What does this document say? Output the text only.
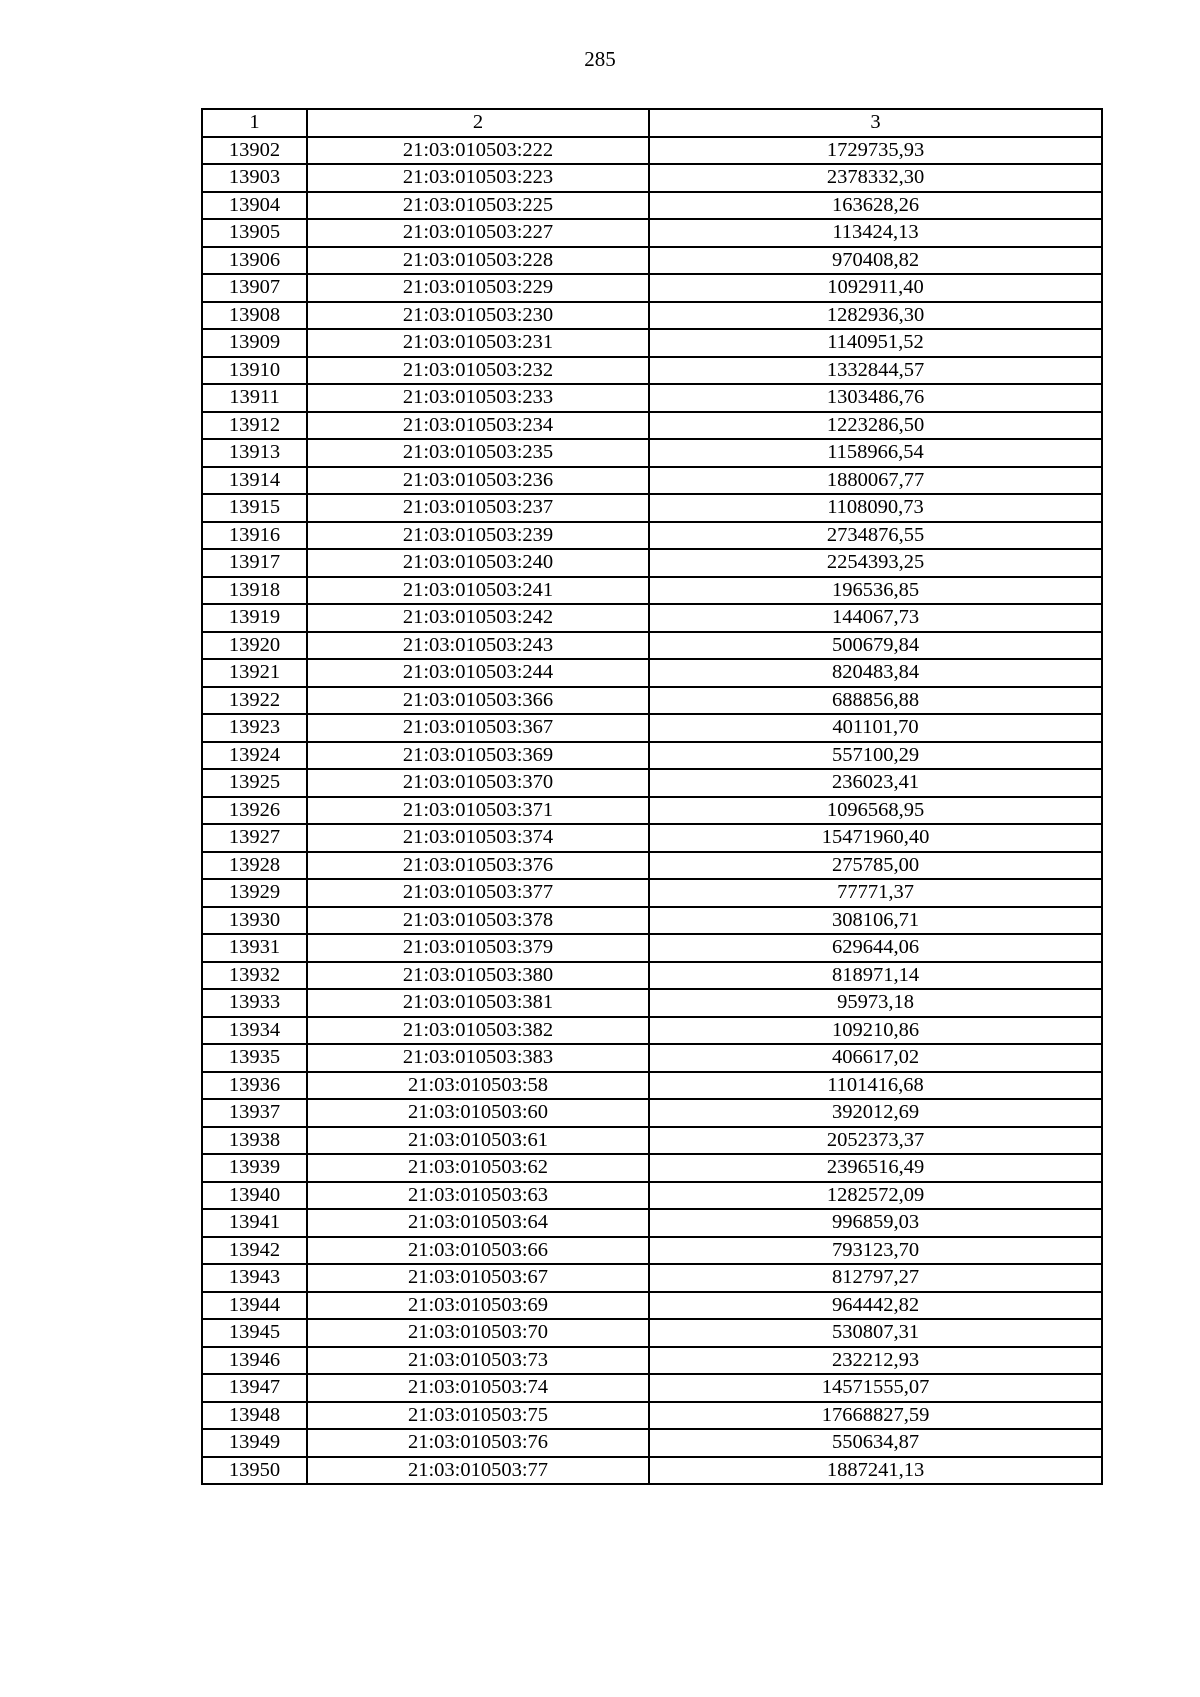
285
1	2	3
13902	21:03:010503:222	1729735,93
13903	21:03:010503:223	2378332,30
13904	21:03:010503:225	163628,26
13905	21:03:010503:227	113424,13
13906	21:03:010503:228	970408,82
13907	21:03:010503:229	1092911,40
13908	21:03:010503:230	1282936,30
13909	21:03:010503:231	1140951,52
13910	21:03:010503:232	1332844,57
13911	21:03:010503:233	1303486,76
13912	21:03:010503:234	1223286,50
13913	21:03:010503:235	1158966,54
13914	21:03:010503:236	1880067,77
13915	21:03:010503:237	1108090,73
13916	21:03:010503:239	2734876,55
13917	21:03:010503:240	2254393,25
13918	21:03:010503:241	196536,85
13919	21:03:010503:242	144067,73
13920	21:03:010503:243	500679,84
13921	21:03:010503:244	820483,84
13922	21:03:010503:366	688856,88
13923	21:03:010503:367	401101,70
13924	21:03:010503:369	557100,29
13925	21:03:010503:370	236023,41
13926	21:03:010503:371	1096568,95
13927	21:03:010503:374	15471960,40
13928	21:03:010503:376	275785,00
13929	21:03:010503:377	77771,37
13930	21:03:010503:378	308106,71
13931	21:03:010503:379	629644,06
13932	21:03:010503:380	818971,14
13933	21:03:010503:381	95973,18
13934	21:03:010503:382	109210,86
13935	21:03:010503:383	406617,02
13936	21:03:010503:58	1101416,68
13937	21:03:010503:60	392012,69
13938	21:03:010503:61	2052373,37
13939	21:03:010503:62	2396516,49
13940	21:03:010503:63	1282572,09
13941	21:03:010503:64	996859,03
13942	21:03:010503:66	793123,70
13943	21:03:010503:67	812797,27
13944	21:03:010503:69	964442,82
13945	21:03:010503:70	530807,31
13946	21:03:010503:73	232212,93
13947	21:03:010503:74	14571555,07
13948	21:03:010503:75	17668827,59
13949	21:03:010503:76	550634,87
13950	21:03:010503:77	1887241,13
